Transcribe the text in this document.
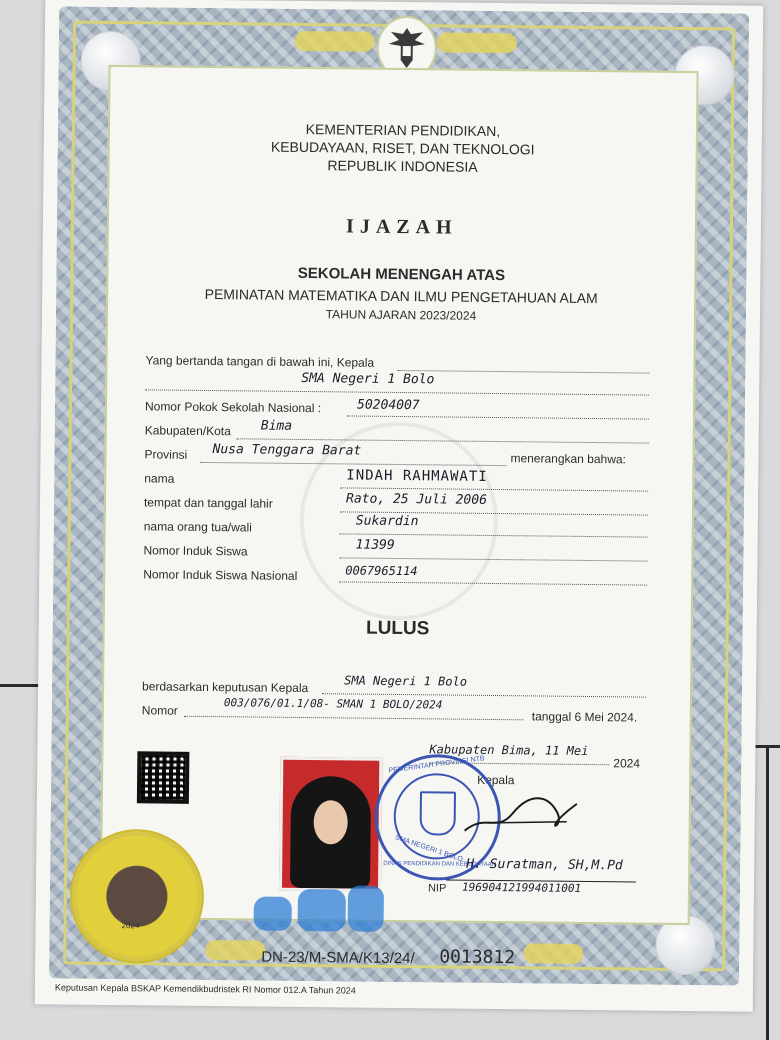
KEMENTERIAN PENDIDIKAN,
KEBUDAYAAN, RISET, DAN TEKNOLOGI
REPUBLIK INDONESIA
IJAZAH
SEKOLAH MENENGAH ATAS
PEMINATAN MATEMATIKA DAN ILMU PENGETAHUAN ALAM
TAHUN AJARAN 2023/2024
Yang bertanda tangan di bawah ini, Kepala
SMA Negeri 1 Bolo
Nomor Pokok Sekolah Nasional :	50204007
Kabupaten/Kota Bima
Provinsi Nusa Tenggara Barat
menerangkan bahwa:
nama	INDAH RAHMAWATI
tempat dan tanggal lahir	Rato, 25 Juli 2006
nama orang tua/wali	Sukardin
Nomor Induk Siswa	11399
Nomor Induk Siswa Nasional	0067965114
LULUS
berdasarkan keputusan Kepala	SMA Negeri 1 Bolo
Nomor	003/076/01.1/08- SMAN 1 BOLO/2024
tanggal 6 Mei 2024.
Kabupaten Bima, 11 Mei
2024
Kepala
PEMERINTAH PROVINSI NTB
SMA NEGERI 1 BOLO
DINAS PENDIDIKAN DAN KEBUDAYAAN
H. Suratman, SH,M.Pd
NIP 196904121994011001
2024
DN-23/M-SMA/K13/24/ 0013812
Keputusan Kepala BSKAP Kemendikbudristek RI Nomor 012.A Tahun 2024
